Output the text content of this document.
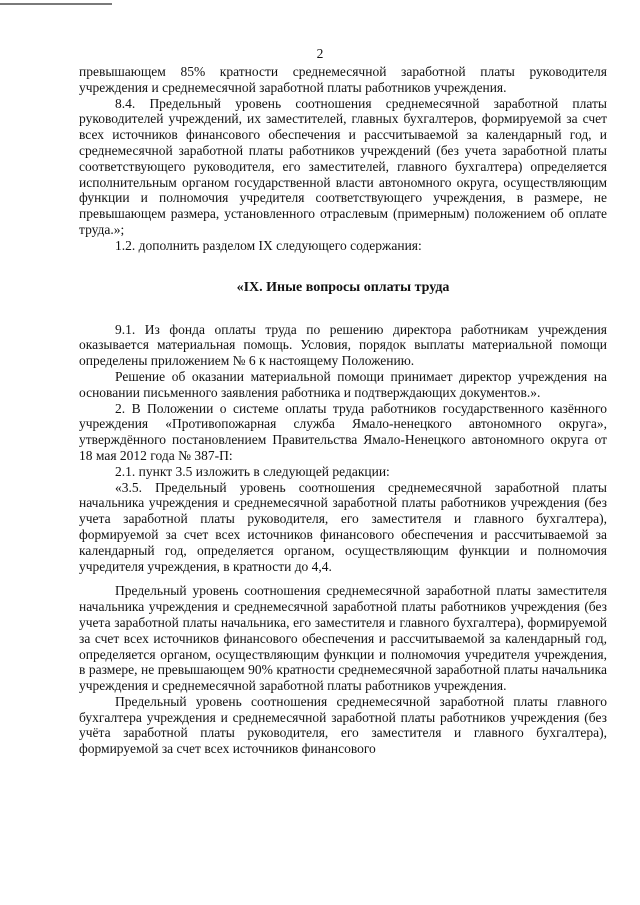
2

превышающем 85% кратности среднемесячной заработной платы руководителя учреждения и среднемесячной заработной платы работников учреждения.

8.4. Предельный уровень соотношения среднемесячной заработной платы руководителей учреждений, их заместителей, главных бухгалтеров, формируемой за счет всех источников финансового обеспечения и рассчитываемой за календарный год, и среднемесячной заработной платы работников учреждений (без учета заработной платы соответствующего руководителя, его заместителей, главного бухгалтера) определяется исполнительным органом государственной власти автономного округа, осуществляющим функции и полномочия учредителя соответствующего учреждения, в размере, не превышающем размера, установленного отраслевым (примерным) положением об оплате труда.»;

1.2. дополнить разделом IX следующего содержания:

«IX. Иные вопросы оплаты труда

9.1. Из фонда оплаты труда по решению директора работникам учреждения оказывается материальная помощь. Условия, порядок выплаты материальной помощи определены приложением № 6 к настоящему Положению.

Решение об оказании материальной помощи принимает директор учреждения на основании письменного заявления работника и подтверждающих документов.».

2. В Положении о системе оплаты труда работников государственного казённого учреждения «Противопожарная служба Ямало-ненецкого автономного округа», утверждённого постановлением Правительства Ямало-Ненецкого автономного округа от 18 мая 2012 года № 387-П:

2.1. пункт 3.5 изложить в следующей редакции:

«3.5. Предельный уровень соотношения среднемесячной заработной платы начальника учреждения и среднемесячной заработной платы работников учреждения (без учета заработной платы руководителя, его заместителя и главного бухгалтера), формируемой за счет всех источников финансового обеспечения и рассчитываемой за календарный год, определяется органом, осуществляющим функции и полномочия учредителя учреждения, в кратности до 4,4.

Предельный уровень соотношения среднемесячной заработной платы заместителя начальника учреждения и среднемесячной заработной платы работников учреждения (без учета заработной платы начальника, его заместителя и главного бухгалтера), формируемой за счет всех источников финансового обеспечения и рассчитываемой за календарный год, определяется органом, осуществляющим функции и полномочия учредителя учреждения, в размере, не превышающем 90% кратности среднемесячной заработной платы начальника учреждения и среднемесячной заработной платы работников учреждения.

Предельный уровень соотношения среднемесячной заработной платы главного бухгалтера учреждения и среднемесячной заработной платы работников учреждения (без учёта заработной платы руководителя, его заместителя и главного бухгалтера), формируемой за счет всех источников финансового
